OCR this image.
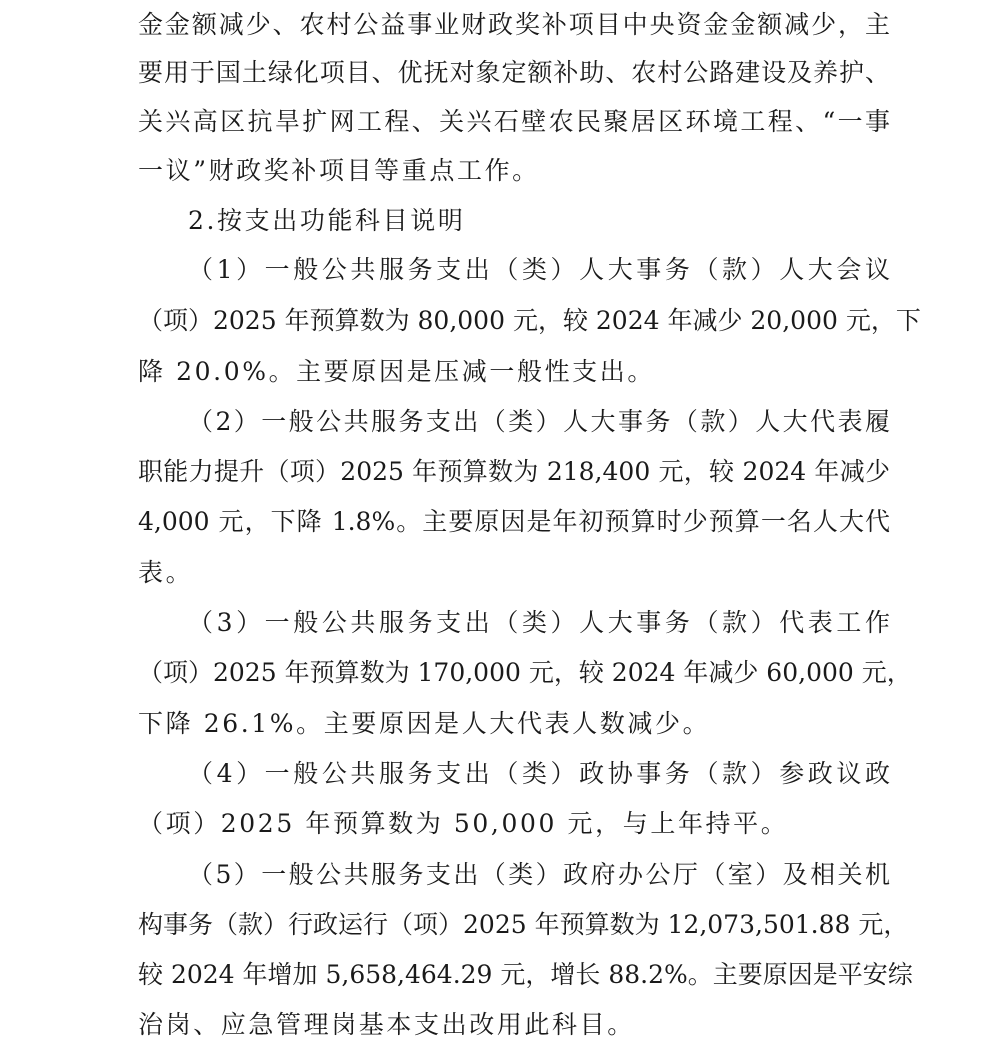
金金额减少、农村公益事业财政奖补项目中央资金金额减少，主
要用于国土绿化项目、优抚对象定额补助、农村公路建设及养护、
关兴高区抗旱扩网工程、关兴石壁农民聚居区环境工程、“一事
一议”财政奖补项目等重点工作。
2.按支出功能科目说明
（1）一般公共服务支出（类）人大事务（款）人大会议
（项）2025 年预算数为 80,000 元，较 2024 年减少 20,000 元，下
降 20.0%。主要原因是压减一般性支出。
（2）一般公共服务支出（类）人大事务（款）人大代表履
职能力提升（项）2025 年预算数为 218,400 元，较 2024 年减少
4,000 元，下降 1.8%。主要原因是年初预算时少预算一名人大代
表。
（3）一般公共服务支出（类）人大事务（款）代表工作
（项）2025 年预算数为 170,000 元，较 2024 年减少 60,000 元，
下降 26.1%。主要原因是人大代表人数减少。
（4）一般公共服务支出（类）政协事务（款）参政议政
（项）2025 年预算数为 50,000 元，与上年持平。
（5）一般公共服务支出（类）政府办公厅（室）及相关机
构事务（款）行政运行（项）2025 年预算数为 12,073,501.88 元，
较 2024 年增加 5,658,464.29 元，增长 88.2%。主要原因是平安综
治岗、应急管理岗基本支出改用此科目。
